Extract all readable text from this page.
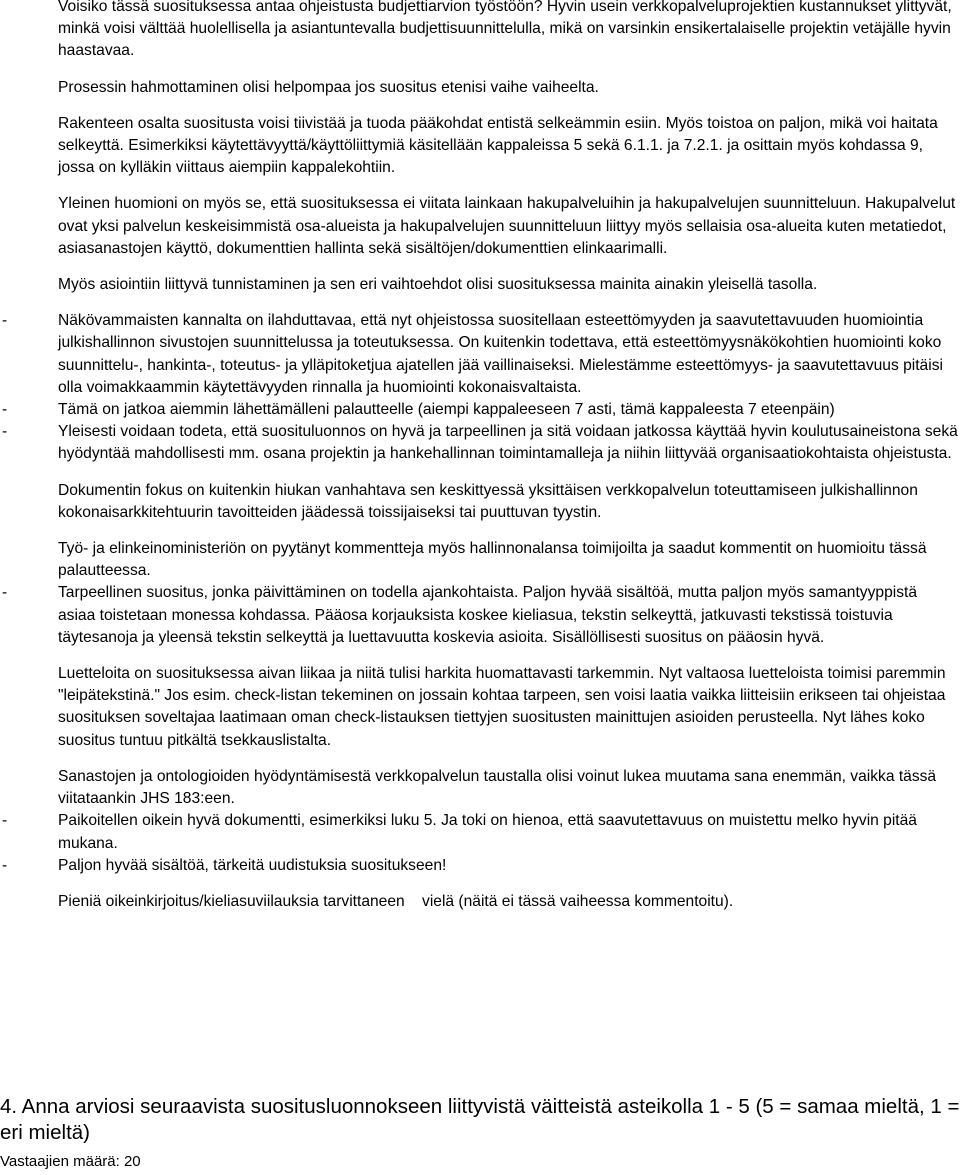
Voisiko tässä suosituksessa antaa ohjeistusta budjettiarvion työstöön? Hyvin usein verkkopalveluprojektien kustannukset ylittyvät, minkä voisi välttää huolellisella ja asiantuntevalla budjettisuunnittelulla, mikä on varsinkin ensikertalaiselle projektin vetäjälle hyvin haastavaa.

Prosessin hahmottaminen olisi helpompaa jos suositus etenisi vaihe vaiheelta.

Rakenteen osalta suositusta voisi tiivistää ja tuoda pääkohdat entistä selkeämmin esiin. Myös toistoa on paljon, mikä voi haitata selkeyttä. Esimerkiksi käytettävyyttä/käyttöliittymiä käsitellään kappaleissa 5 sekä 6.1.1. ja 7.2.1. ja osittain myös kohdassa 9, jossa on kylläkin viittaus aiempiin kappalekohtiin.

Yleinen huomioni on myös se, että suosituksessa ei viitata lainkaan hakupalveluihin ja hakupalvelujen suunnitteluun. Hakupalvelut ovat yksi palvelun keskeisimmistä osa-alueista ja hakupalvelujen suunnitteluun liittyy myös sellaisia osa-alueita kuten metatiedot, asiasanastojen käyttö, dokumenttien hallinta sekä sisältöjen/dokumenttien elinkaarimalli.

Myös asiointiin liittyvä tunnistaminen ja sen eri vaihtoehdot olisi suosituksessa mainita ainakin yleisellä tasolla.

-	Näkövammaisten kannalta on ilahduttavaa, että nyt ohjeistossa suositellaan esteettömyyden ja saavutettavuuden huomiointia julkishallinnon sivustojen suunnittelussa ja toteutuksessa. On kuitenkin todettava, että esteettömyysnäkökohtien huomiointi koko suunnittelu-, hankinta-, toteutus- ja ylläpitoketjua ajatellen jää vaillinaiseksi. Mielestämme esteettömyys- ja saavutettavuus pitäisi olla voimakkaammin käytettävyyden rinnalla ja huomiointi kokonaisvaltaista.
-	Tämä on jatkoa aiemmin lähettämälleni palautteelle (aiempi kappaleeseen 7 asti, tämä kappaleesta 7 eteenpäin)
-	Yleisesti voidaan todeta, että suosituluonnos on hyvä ja tarpeellinen ja sitä voidaan jatkossa käyttää hyvin koulutusaineistona sekä hyödyntää mahdollisesti mm. osana projektin ja hankehallinnan toimintamalleja ja niihin liittyvää organisaatiokohtaista ohjeistusta.

Dokumentin fokus on kuitenkin hiukan vanhahtava sen keskittyessä yksittäisen verkkopalvelun toteuttamiseen julkishallinnon kokonaisarkkitehtuurin tavoitteiden jäädessä toissijaiseksi tai puuttuvan tyystin.

Työ- ja elinkeinoministeriön on pyytänyt kommentteja myös hallinnonalansa toimijoilta ja saadut kommentit on huomioitu tässä palautteessa.

-	Tarpeellinen suositus, jonka päivittäminen on todella ajankohtaista. Paljon hyvää sisältöä, mutta paljon myös samantyyppistä asiaa toistetaan monessa kohdassa. Pääosa korjauksista koskee kieliasua, tekstin selkeyttä, jatkuvasti tekstissä toistuvia täytesanoja ja yleensä tekstin selkeyttä ja luettavuutta koskevia asioita. Sisällöllisesti suositus on pääosin hyvä.

Luetteloita on suosituksessa aivan liikaa ja niitä tulisi harkita huomattavasti tarkemmin. Nyt valtaosa luetteloista toimisi paremmin "leipätekstinä." Jos esim. check-listan tekeminen on jossain kohtaa tarpeen, sen voisi laatia vaikka liitteisiin erikseen tai ohjeistaa suosituksen soveltajaa laatimaan oman check-listauksen tiettyjen suositusten mainittujen asioiden perusteella. Nyt lähes koko suositus tuntuu pitkältä tsekkauslistalta.

Sanastojen ja ontologioiden hyödyntämisestä verkkopalvelun taustalla olisi voinut lukea muutama sana enemmän, vaikka tässä viitataankin JHS 183:een.

-	Paikoitellen oikein hyvä dokumentti, esimerkiksi luku 5. Ja toki on hienoa, että saavutettavuus on muistettu melko hyvin pitää mukana.
-	Paljon hyvää sisältöä, tärkeitä uudistuksia suositukseen!

Pieniä oikeinkirjoitus/kieliasuviilauksia tarvittaneen    vielä (näitä ei tässä vaiheessa kommentoitu).

4. Anna arviosi seuraavista suositusluonnokseen liittyvistä väitteistä asteikolla 1 - 5 (5 = samaa mieltä, 1 = eri mieltä)

Vastaajien määrä: 20
